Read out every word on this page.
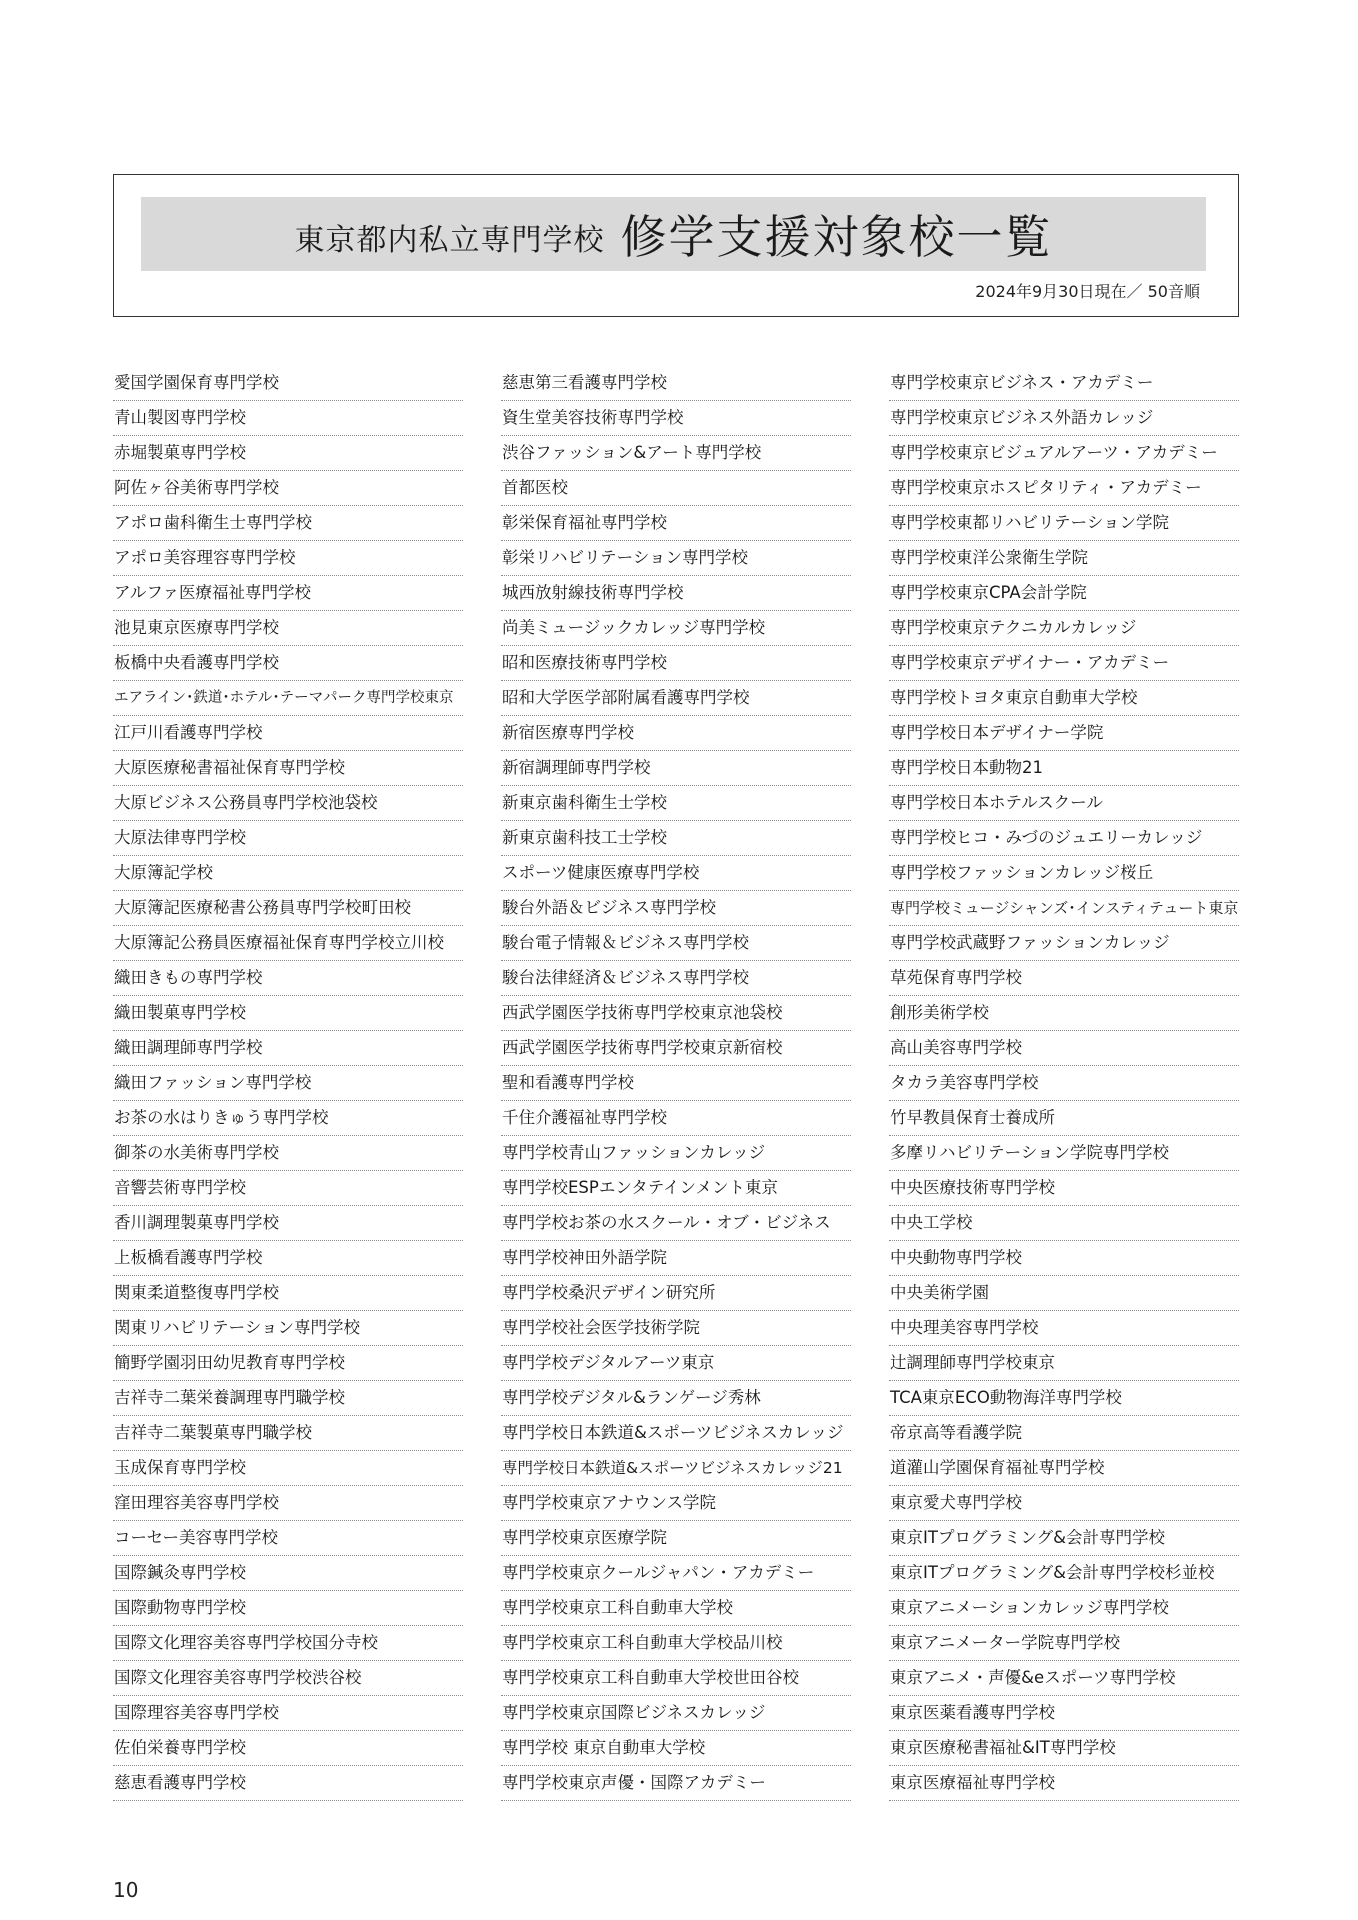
東京都内私立専門学校 修学支援対象校一覧
2024年9月30日現在／ 50音順
愛国学園保育専門学校
青山製図専門学校
赤堀製菓専門学校
阿佐ヶ谷美術専門学校
アポロ歯科衛生士専門学校
アポロ美容理容専門学校
アルファ医療福祉専門学校
池見東京医療専門学校
板橋中央看護専門学校
エアライン･鉄道･ホテル･テーマパーク専門学校東京
江戸川看護専門学校
大原医療秘書福祉保育専門学校
大原ビジネス公務員専門学校池袋校
大原法律専門学校
大原簿記学校
大原簿記医療秘書公務員専門学校町田校
大原簿記公務員医療福祉保育専門学校立川校
織田きもの専門学校
織田製菓専門学校
織田調理師専門学校
織田ファッション専門学校
お茶の水はりきゅう専門学校
御茶の水美術専門学校
音響芸術専門学校
香川調理製菓専門学校
上板橋看護専門学校
関東柔道整復専門学校
関東リハビリテーション専門学校
簡野学園羽田幼児教育専門学校
吉祥寺二葉栄養調理専門職学校
吉祥寺二葉製菓専門職学校
玉成保育専門学校
窪田理容美容専門学校
コーセー美容専門学校
国際鍼灸専門学校
国際動物専門学校
国際文化理容美容専門学校国分寺校
国際文化理容美容専門学校渋谷校
国際理容美容専門学校
佐伯栄養専門学校
慈恵看護専門学校
慈恵第三看護専門学校
資生堂美容技術専門学校
渋谷ファッション&アート専門学校
首都医校
彰栄保育福祉専門学校
彰栄リハビリテーション専門学校
城西放射線技術専門学校
尚美ミュージックカレッジ専門学校
昭和医療技術専門学校
昭和大学医学部附属看護専門学校
新宿医療専門学校
新宿調理師専門学校
新東京歯科衛生士学校
新東京歯科技工士学校
スポーツ健康医療専門学校
駿台外語＆ビジネス専門学校
駿台電子情報＆ビジネス専門学校
駿台法律経済＆ビジネス専門学校
西武学園医学技術専門学校東京池袋校
西武学園医学技術専門学校東京新宿校
聖和看護専門学校
千住介護福祉専門学校
専門学校青山ファッションカレッジ
専門学校ESPエンタテインメント東京
専門学校お茶の水スクール・オブ・ビジネス
専門学校神田外語学院
専門学校桑沢デザイン研究所
専門学校社会医学技術学院
専門学校デジタルアーツ東京
専門学校デジタル&ランゲージ秀林
専門学校日本鉄道&スポーツビジネスカレッジ
専門学校日本鉄道&スポーツビジネスカレッジ21
専門学校東京アナウンス学院
専門学校東京医療学院
専門学校東京クールジャパン・アカデミー
専門学校東京工科自動車大学校
専門学校東京工科自動車大学校品川校
専門学校東京工科自動車大学校世田谷校
専門学校東京国際ビジネスカレッジ
専門学校 東京自動車大学校
専門学校東京声優・国際アカデミー
専門学校東京ビジネス・アカデミー
専門学校東京ビジネス外語カレッジ
専門学校東京ビジュアルアーツ・アカデミー
専門学校東京ホスピタリティ・アカデミー
専門学校東都リハビリテーション学院
専門学校東洋公衆衛生学院
専門学校東京CPA会計学院
専門学校東京テクニカルカレッジ
専門学校東京デザイナー・アカデミー
専門学校トヨタ東京自動車大学校
専門学校日本デザイナー学院
専門学校日本動物21
専門学校日本ホテルスクール
専門学校ヒコ・みづのジュエリーカレッジ
専門学校ファッションカレッジ桜丘
専門学校ミュージシャンズ･インスティテュート東京
専門学校武蔵野ファッションカレッジ
草苑保育専門学校
創形美術学校
高山美容専門学校
タカラ美容専門学校
竹早教員保育士養成所
多摩リハビリテーション学院専門学校
中央医療技術専門学校
中央工学校
中央動物専門学校
中央美術学園
中央理美容専門学校
辻調理師専門学校東京
TCA東京ECO動物海洋専門学校
帝京高等看護学院
道灌山学園保育福祉専門学校
東京愛犬専門学校
東京ITプログラミング&会計専門学校
東京ITプログラミング&会計専門学校杉並校
東京アニメーションカレッジ専門学校
東京アニメーター学院専門学校
東京アニメ・声優&eスポーツ専門学校
東京医薬看護専門学校
東京医療秘書福祉&IT専門学校
東京医療福祉専門学校
10
